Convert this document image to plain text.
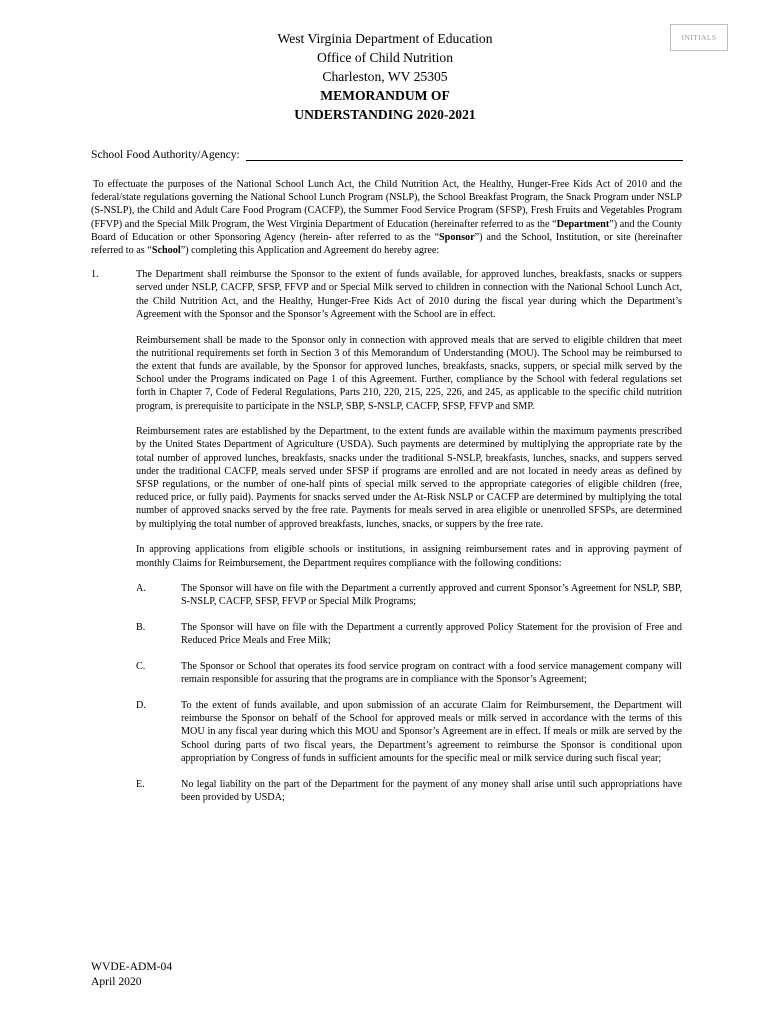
INITIALS
West Virginia Department of Education
Office of Child Nutrition
Charleston, WV 25305
MEMORANDUM OF
UNDERSTANDING 2020-2021
School Food Authority/Agency:

To effectuate the purposes of the National School Lunch Act, the Child Nutrition Act, the Healthy, Hunger-Free Kids Act of 2010 and the federal/state regulations governing the National School Lunch Program (NSLP), the School Breakfast Program, the Snack Program under NSLP (S-NSLP), the Child and Adult Care Food Program (CACFP), the Summer Food Service Program (SFSP), Fresh Fruits and Vegetables Program (FFVP) and the Special Milk Program, the West Virginia Department of Education (hereinafter referred to as the “Department”) and the County Board of Education or other Sponsoring Agency (herein- after referred to as the “Sponsor”) and the School, Institution, or site (hereinafter referred to as “School”) completing this Application and Agreement do hereby agree:

1.	The Department shall reimburse the Sponsor to the extent of funds available, for approved lunches, breakfasts, snacks or suppers served under NSLP, CACFP, SFSP, FFVP and or Special Milk served to children in connection with the National School Lunch Act, the Child Nutrition Act, and the Healthy, Hunger-Free Kids Act of 2010 during the fiscal year during which the Department’s Agreement with the Sponsor and the Sponsor’s Agreement with the School are in effect.

Reimbursement shall be made to the Sponsor only in connection with approved meals that are served to eligible children that meet the nutritional requirements set forth in Section 3 of this Memorandum of Understanding (MOU). The School may be reimbursed to the extent that funds are available, by the Sponsor for approved lunches, breakfasts, snacks, suppers, or special milk served by the School under the Programs indicated on Page 1 of this Agreement. Further, compliance by the School with federal regulations set forth in Chapter 7, Code of Federal Regulations, Parts 210, 220, 215, 225, 226, and 245, as applicable to the specific child nutrition program, is prerequisite to participate in the NSLP, SBP, S-NSLP, CACFP, SFSP, FFVP and SMP.

Reimbursement rates are established by the Department, to the extent funds are available within the maximum payments prescribed by the United States Department of Agriculture (USDA). Such payments are determined by multiplying the appropriate rate by the total number of approved lunches, breakfasts, snacks under the traditional S-NSLP, breakfasts, lunches, snacks, and suppers served under the traditional CACFP, meals served under SFSP if programs are enrolled and are not located in needy areas as defined by SFSP regulations, or the number of one-half pints of special milk served to the appropriate categories of eligible children (free, reduced price, or fully paid). Payments for snacks served under the At-Risk NSLP or CACFP are determined by multiplying the total number of approved snacks served by the free rate. Payments for meals served in area eligible or unenrolled SFSPs, are determined by multiplying the total number of approved breakfasts, lunches, snacks, or suppers by the free rate.

In approving applications from eligible schools or institutions, in assigning reimbursement rates and in approving payment of monthly Claims for Reimbursement, the Department requires compliance with the following conditions:

A.	The Sponsor will have on file with the Department a currently approved and current Sponsor’s Agreement for NSLP, SBP, S-NSLP, CACFP, SFSP, FFVP or Special Milk Programs;
B.	The Sponsor will have on file with the Department a currently approved Policy Statement for the provision of Free and Reduced Price Meals and Free Milk;
C.	The Sponsor or School that operates its food service program on contract with a food service management company will remain responsible for assuring that the programs are in compliance with the Sponsor’s Agreement;
D.	To the extent of funds available, and upon submission of an accurate Claim for Reimbursement, the Department will reimburse the Sponsor on behalf of the School for approved meals or milk served in accordance with the terms of this MOU in any fiscal year during which this MOU and Sponsor’s Agreement are in effect. If meals or milk are served by the School during parts of two fiscal years, the Department’s agreement to reimburse the Sponsor is conditional upon appropriation by Congress of funds in sufficient amounts for the specific meal or milk service during such fiscal year;
E.	No legal liability on the part of the Department for the payment of any money shall arise until such appropriations have been provided by USDA;
WVDE-ADM-04
April 2020
